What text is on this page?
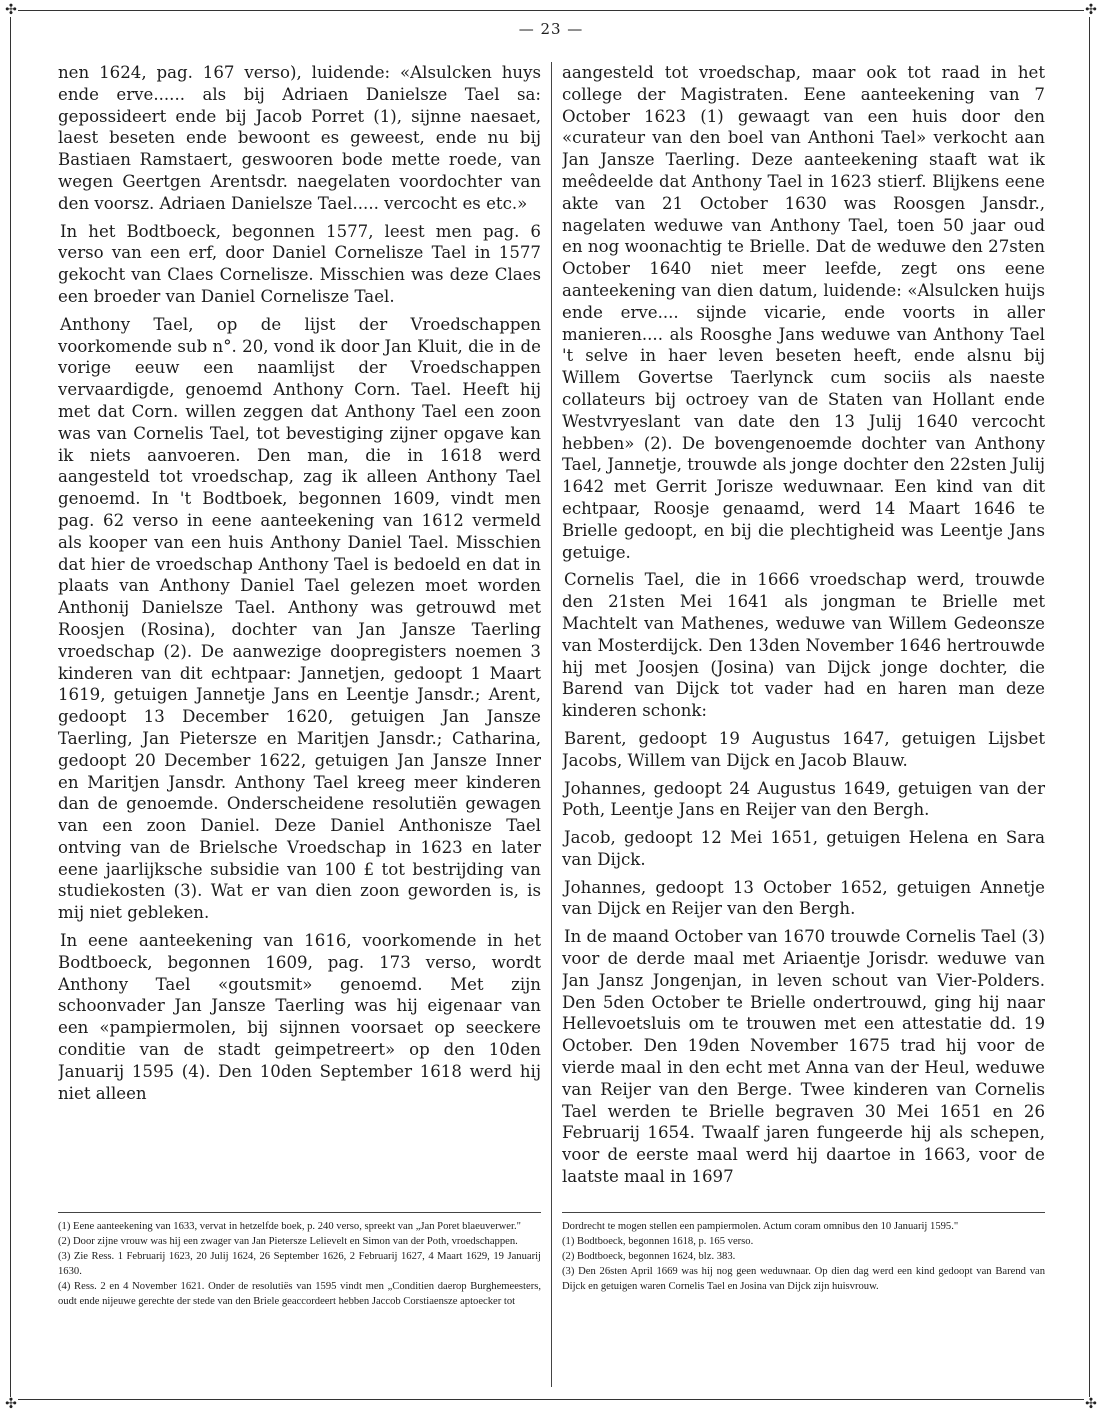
✣	✣
✣	✣
— 23 —

nen 1624, pag. 167 verso), luidende: «Alsulcken huys ende erve...... als bij Adriaen Danielsze Tael sa: gepossideert ende bij Jacob Porret (1), sijnne naesaet, laest beseten ende bewoont es geweest, ende nu bij Bastiaen Ramstaert, geswooren bode mette roede, van wegen Geertgen Arentsdr. naegelaten voordochter van den voorsz. Adriaen Danielsze Tael..... vercocht es etc.»

In het Bodtboeck, begonnen 1577, leest men pag. 6 verso van een erf, door Daniel Cornelisze Tael in 1577 gekocht van Claes Cornelisze. Misschien was deze Claes een broeder van Daniel Cornelisze Tael.

Anthony Tael, op de lijst der Vroedschappen voorkomende sub n°. 20, vond ik door Jan Kluit, die in de vorige eeuw een naamlijst der Vroedschappen vervaardigde, genoemd Anthony Corn. Tael. Heeft hij met dat Corn. willen zeggen dat Anthony Tael een zoon was van Cornelis Tael, tot bevestiging zijner opgave kan ik niets aanvoeren. Den man, die in 1618 werd aangesteld tot vroedschap, zag ik alleen Anthony Tael genoemd. In 't Bodtboek, begonnen 1609, vindt men pag. 62 verso in eene aanteekening van 1612 vermeld als kooper van een huis Anthony Daniel Tael. Misschien dat hier de vroedschap Anthony Tael is bedoeld en dat in plaats van Anthony Daniel Tael gelezen moet worden Anthonij Danielsze Tael. Anthony was getrouwd met Roosjen (Rosina), dochter van Jan Jansze Taerling vroedschap (2). De aanwezige doopregisters noemen 3 kinderen van dit echtpaar: Jannetjen, gedoopt 1 Maart 1619, getuigen Jannetje Jans en Leentje Jansdr.; Arent, gedoopt 13 December 1620, getuigen Jan Jansze Taerling, Jan Pietersze en Maritjen Jansdr.; Catharina, gedoopt 20 December 1622, getuigen Jan Jansze Inner en Maritjen Jansdr. Anthony Tael kreeg meer kinderen dan de genoemde. Onderscheidene resolutiën gewagen van een zoon Daniel. Deze Daniel Anthonisze Tael ontving van de Brielsche Vroedschap in 1623 en later eene jaarlijksche subsidie van 100 £ tot bestrijding van studiekosten (3). Wat er van dien zoon geworden is, is mij niet gebleken.

In eene aanteekening van 1616, voorkomende in het Bodtboeck, begonnen 1609, pag. 173 verso, wordt Anthony Tael «goutsmit» genoemd. Met zijn schoonvader Jan Jansze Taerling was hij eigenaar van een «pampiermolen, bij sijnnen voorsaet op seeckere conditie van de stadt geimpetreert» op den 10den Januarij 1595 (4). Den 10den September 1618 werd hij niet alleen

(1) Eene aanteekening van 1633, vervat in hetzelfde boek, p. 240 verso, spreekt van „Jan Poret blaeuverwer."

(2) Door zijne vrouw was hij een zwager van Jan Pietersze Lelievelt en Simon van der Poth, vroedschappen.

(3) Zie Ress. 1 Februarij 1623, 20 Julij 1624, 26 September 1626, 2 Februarij 1627, 4 Maart 1629, 19 Januarij 1630.

(4) Ress. 2 en 4 November 1621. Onder de resolutiës van 1595 vindt men „Conditien daerop Burghemeesters, oudt ende nijeuwe gerechte der stede van den Briele geaccordeert hebben Jaccob Corstiaensze aptoecker tot

aangesteld tot vroedschap, maar ook tot raad in het college der Magistraten. Eene aanteekening van 7 October 1623 (1) gewaagt van een huis door den «curateur van den boel van Anthoni Tael» verkocht aan Jan Jansze Taerling. Deze aanteekening staaft wat ik meêdeelde dat Anthony Tael in 1623 stierf. Blijkens eene akte van 21 October 1630 was Roosgen Jansdr., nagelaten weduwe van Anthony Tael, toen 50 jaar oud en nog woonachtig te Brielle. Dat de weduwe den 27sten October 1640 niet meer leefde, zegt ons eene aanteekening van dien datum, luidende: «Alsulcken huijs ende erve.... sijnde vicarie, ende voorts in aller manieren.... als Roosghe Jans weduwe van Anthony Tael 't selve in haer leven beseten heeft, ende alsnu bij Willem Govertse Taerlynck cum sociis als naeste collateurs bij octroey van de Staten van Hollant ende Westvryeslant van date den 13 Julij 1640 vercocht hebben» (2). De bovengenoemde dochter van Anthony Tael, Jannetje, trouwde als jonge dochter den 22sten Julij 1642 met Gerrit Jorisze weduwnaar. Een kind van dit echtpaar, Roosje genaamd, werd 14 Maart 1646 te Brielle gedoopt, en bij die plechtigheid was Leentje Jans getuige.

Cornelis Tael, die in 1666 vroedschap werd, trouwde den 21sten Mei 1641 als jongman te Brielle met Machtelt van Mathenes, weduwe van Willem Gedeonsze van Mosterdijck. Den 13den November 1646 hertrouwde hij met Joosjen (Josina) van Dijck jonge dochter, die Barend van Dijck tot vader had en haren man deze kinderen schonk:

Barent, gedoopt 19 Augustus 1647, getuigen Lijsbet Jacobs, Willem van Dijck en Jacob Blauw.

Johannes, gedoopt 24 Augustus 1649, getuigen van der Poth, Leentje Jans en Reijer van den Bergh.

Jacob, gedoopt 12 Mei 1651, getuigen Helena en Sara van Dijck.

Johannes, gedoopt 13 October 1652, getuigen Annetje van Dijck en Reijer van den Bergh.

In de maand October van 1670 trouwde Cornelis Tael (3) voor de derde maal met Ariaentje Jorisdr. weduwe van Jan Jansz Jongenjan, in leven schout van Vier-Polders. Den 5den October te Brielle ondertrouwd, ging hij naar Hellevoetsluis om te trouwen met een attestatie dd. 19 October. Den 19den November 1675 trad hij voor de vierde maal in den echt met Anna van der Heul, weduwe van Reijer van den Berge. Twee kinderen van Cornelis Tael werden te Brielle begraven 30 Mei 1651 en 26 Februarij 1654. Twaalf jaren fungeerde hij als schepen, voor de eerste maal werd hij daartoe in 1663, voor de laatste maal in 1697

Dordrecht te mogen stellen een pampiermolen. Actum coram omnibus den 10 Januarij 1595."

(1) Bodtboeck, begonnen 1618, p. 165 verso.

(2) Bodtboeck, begonnen 1624, blz. 383.

(3) Den 26sten April 1669 was hij nog geen weduwnaar. Op dien dag werd een kind gedoopt van Barend van Dijck en getuigen waren Cornelis Tael en Josina van Dijck zijn huisvrouw.
